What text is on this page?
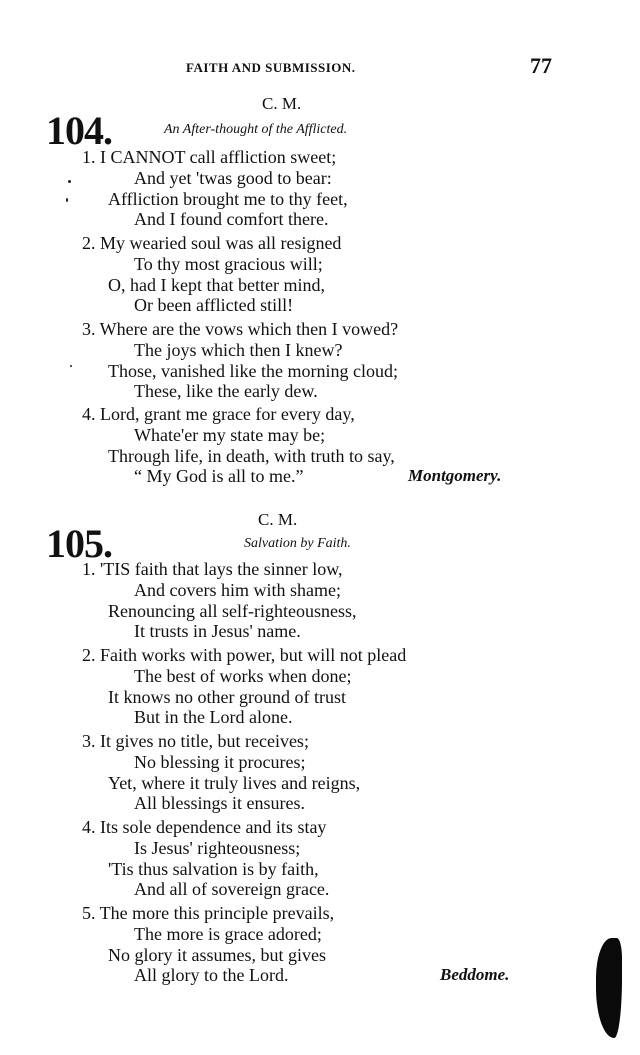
FAITH AND SUBMISSION.	77
C. M.
104.	An After-thought of the Afflicted.
1. I CANNOT call affliction sweet;
And yet 'twas good to bear:
Affliction brought me to thy feet,
And I found comfort there.
2. My wearied soul was all resigned
To thy most gracious will;
O, had I kept that better mind,
Or been afflicted still!
3. Where are the vows which then I vowed?
The joys which then I knew?
Those, vanished like the morning cloud;
These, like the early dew.
4. Lord, grant me grace for every day,
Whate'er my state may be;
Through life, in death, with truth to say,
“ My God is all to me.”	Montgomery.
C. M.
105.	Salvation by Faith.
1. 'TIS faith that lays the sinner low,
And covers him with shame;
Renouncing all self-righteousness,
It trusts in Jesus' name.
2. Faith works with power, but will not plead
The best of works when done;
It knows no other ground of trust
But in the Lord alone.
3. It gives no title, but receives;
No blessing it procures;
Yet, where it truly lives and reigns,
All blessings it ensures.
4. Its sole dependence and its stay
Is Jesus' righteousness;
'Tis thus salvation is by faith,
And all of sovereign grace.
5. The more this principle prevails,
The more is grace adored;
No glory it assumes, but gives
All glory to the Lord.	Beddome.
